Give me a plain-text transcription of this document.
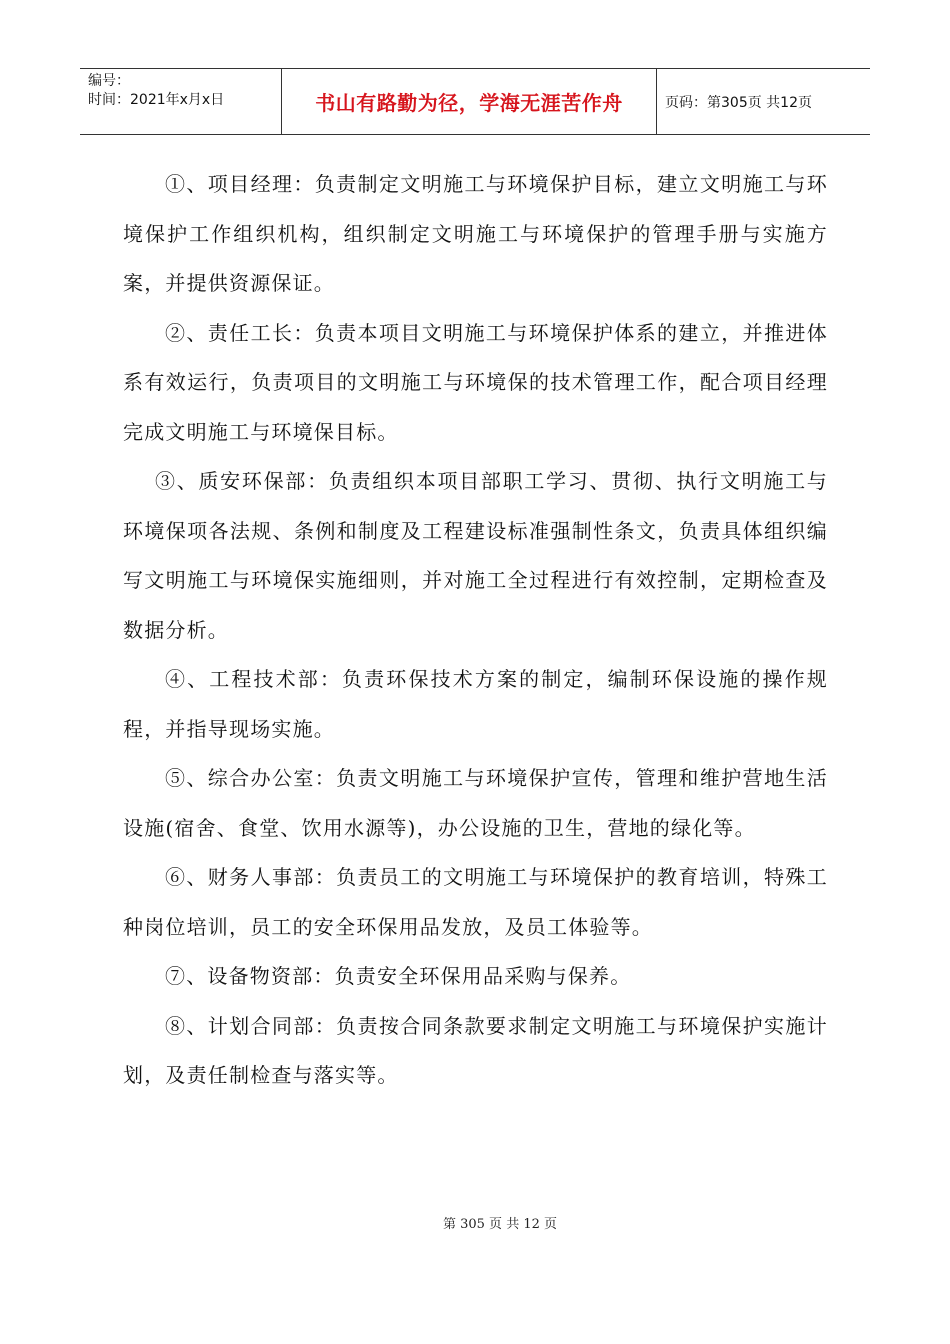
编号：
时间：2021年x月x日	书山有路勤为径，学海无涯苦作舟	页码：第305页 共12页

①、项目经理：负责制定文明施工与环境保护目标，建立文明施工与环境保护工作组织机构，组织制定文明施工与环境保护的管理手册与实施方案，并提供资源保证。

②、责任工长：负责本项目文明施工与环境保护体系的建立，并推进体系有效运行，负责项目的文明施工与环境保的技术管理工作，配合项目经理完成文明施工与环境保目标。

③、质安环保部：负责组织本项目部职工学习、贯彻、执行文明施工与环境保项各法规、条例和制度及工程建设标准强制性条文，负责具体组织编写文明施工与环境保实施细则，并对施工全过程进行有效控制，定期检查及数据分析。

④、工程技术部：负责环保技术方案的制定，编制环保设施的操作规程，并指导现场实施。

⑤、综合办公室：负责文明施工与环境保护宣传，管理和维护营地生活设施(宿舍、食堂、饮用水源等)，办公设施的卫生，营地的绿化等。

⑥、财务人事部：负责员工的文明施工与环境保护的教育培训，特殊工种岗位培训，员工的安全环保用品发放，及员工体验等。

⑦、设备物资部：负责安全环保用品采购与保养。

⑧、计划合同部：负责按合同条款要求制定文明施工与环境保护实施计划，及责任制检查与落实等。

第 305 页 共 12 页
